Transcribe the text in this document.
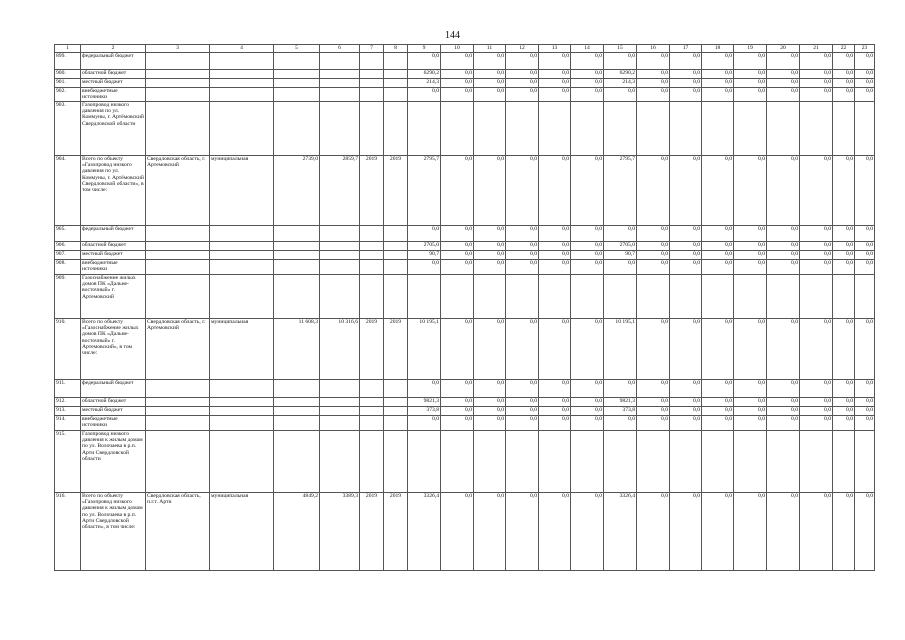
144
1	2	3	4	5	6	7	8	9	10	11	12	13	14	15	16	17	18	19	20	21	22	23
899.	федеральный бюджет							0,0	0,0	0,0	0,0	0,0	0,0	0,0	0,0	0,0	0,0	0,0	0,0	0,0	0,0	0,0
900.	областной бюджет							6290,2	0,0	0,0	0,0	0,0	0,0	6290,2	0,0	0,0	0,0	0,0	0,0	0,0	0,0	0,0
901.	местный бюджет							214,3	0,0	0,0	0,0	0,0	0,0	214,3	0,0	0,0	0,0	0,0	0,0	0,0	0,0	0,0
902.	внебюджетные источники							0,0	0,0	0,0	0,0	0,0	0,0	0,0	0,0	0,0	0,0	0,0	0,0	0,0	0,0	0,0
903.	Газопровод низкого давления по ул. Коммуны, г. Артёмовский Свердловской области																					
904.	Всего по объекту «Газопровод низкого давления по ул. Коммуны, г. Артёмовский Свердловской области», в том числе:	Свердловская область, г. Артемовский	муниципальная	2739,0	2859,7	2019	2019	2795,7	0,0	0,0	0,0	0,0	0,0	2795,7	0,0	0,0	0,0	0,0	0,0	0,0	0,0	0,0
905.	федеральный бюджет							0,0	0,0	0,0	0,0	0,0	0,0	0,0	0,0	0,0	0,0	0,0	0,0	0,0	0,0	0,0
906.	областной бюджет							2705,0	0,0	0,0	0,0	0,0	0,0	2705,0	0,0	0,0	0,0	0,0	0,0	0,0	0,0	0,0
907.	местный бюджет							90,7	0,0	0,0	0,0	0,0	0,0	90,7	0,0	0,0	0,0	0,0	0,0	0,0	0,0	0,0
908.	внебюджетные источники							0,0	0,0	0,0	0,0	0,0	0,0	0,0	0,0	0,0	0,0	0,0	0,0	0,0	0,0	0,0
909.	Газоснабжение жилых домов ПК «Дальне-восточный» г. Артемовский																					
910.	Всего по объекту «Газоснабжение жилых домов ПК «Дальне-восточный» г. Артемовский», в том числе:	Свердловская область, г. Артемовский	муниципальная	11 608,3	10 316,6	2019	2019	10 195,1	0,0	0,0	0,0	0,0	0,0	10 195,1	0,0	0,0	0,0	0,0	0,0	0,0	0,0	0,0
911.	федеральный бюджет							0,0	0,0	0,0	0,0	0,0	0,0	0,0	0,0	0,0	0,0	0,0	0,0	0,0	0,0	0,0
912.	областной бюджет							9821,3	0,0	0,0	0,0	0,0	0,0	9821,3	0,0	0,0	0,0	0,0	0,0	0,0	0,0	0,0
913.	местный бюджет							373,8	0,0	0,0	0,0	0,0	0,0	373,8	0,0	0,0	0,0	0,0	0,0	0,0	0,0	0,0
914.	внебюджетные источники							0,0	0,0	0,0	0,0	0,0	0,0	0,0	0,0	0,0	0,0	0,0	0,0	0,0	0,0	0,0
915.	Газопровод низкого давления к жилым домам по ул. Волочаева в р.п. Арти Свердловской области																					
916.	Всего по объекту «Газопровод низкого давления к жилым домам по ул. Волочаева в р.п. Арти Свердловской области», в том числе:	Свердловская область, п.г.т. Арти	муниципальная	4849,2	3389,3	2019	2019	3326,4	0,0	0,0	0,0	0,0	0,0	3326,4	0,0	0,0	0,0	0,0	0,0	0,0	0,0	0,0
